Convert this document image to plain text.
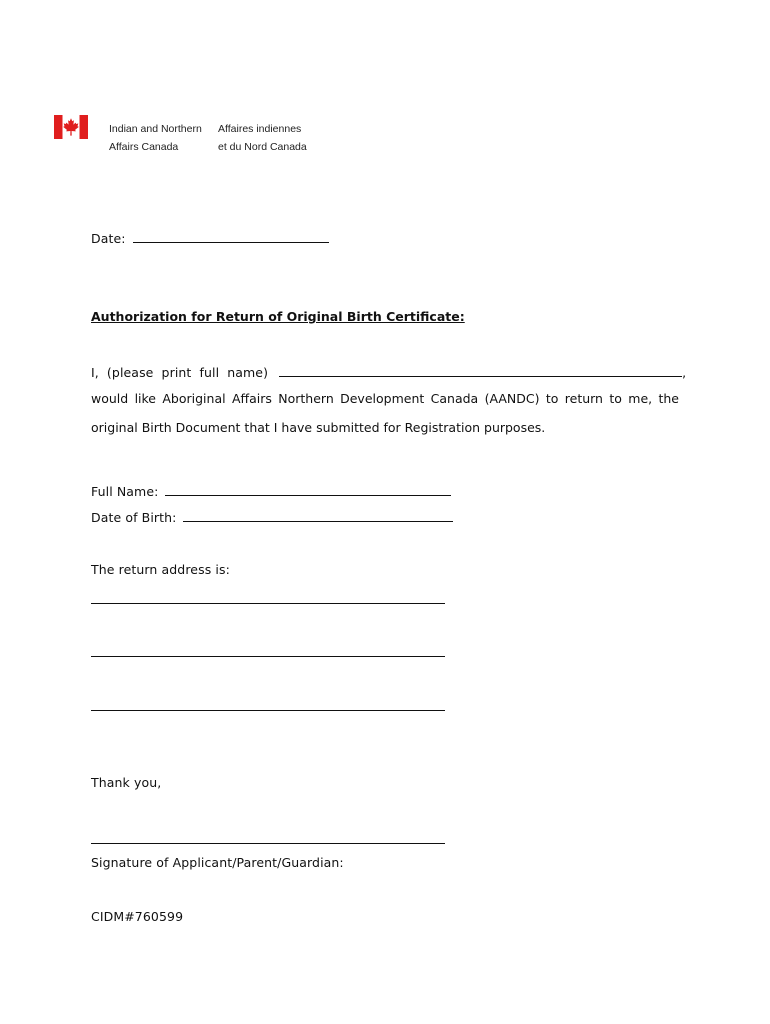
Indian and Northern
Affairs Canada
Affaires indiennes
et du Nord Canada
Date:
Authorization for Return of Original Birth Certificate:
I, (please print full name)	,
would like Aboriginal Affairs Northern Development Canada (AANDC) to return to me, the
original Birth Document that I have submitted for Registration purposes.
Full Name:
Date of Birth:
The return address is:
Thank you,
Signature of Applicant/Parent/Guardian:
CIDM#760599
